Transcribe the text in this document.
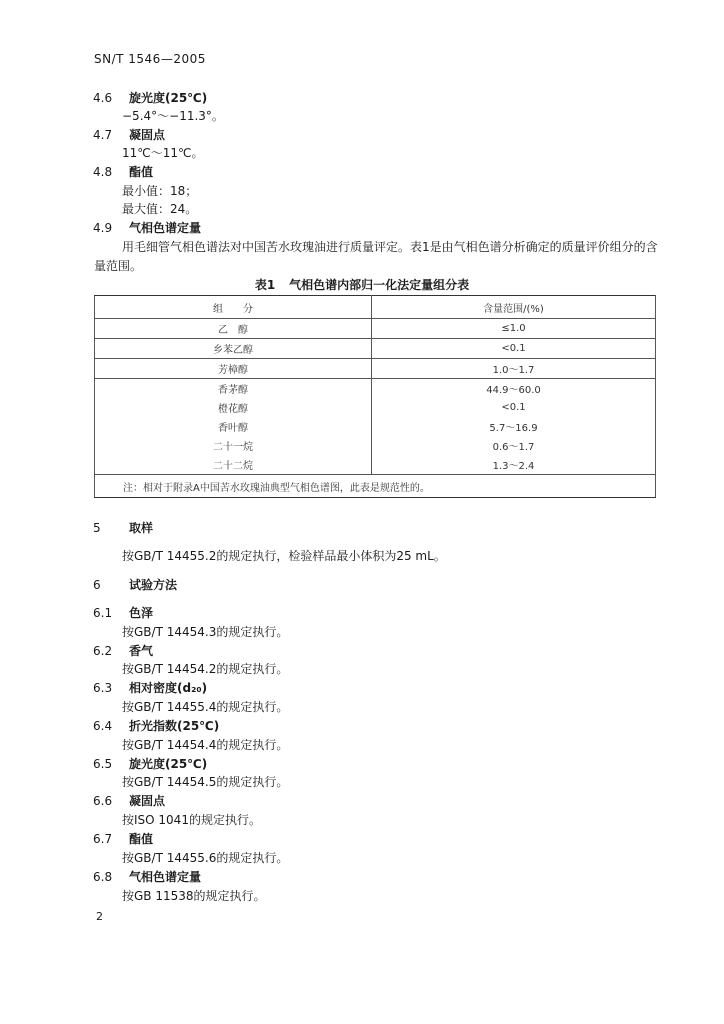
SN/T 1546—2005
4.6 旋光度(25℃)
−5.4°～−11.3°。
4.7 凝固点
11℃～11℃。
4.8 酯值
最小值：18；
最大值：24。
4.9 气相色谱定量
用毛细管气相色谱法对中国苦水玫瑰油进行质量评定。表1是由气相色谱分析确定的质量评价组分的含量范围。
表1 气相色谱内部归一化法定量组分表
组　　分	含量范围/(%)
乙　醇	≤1.0
乡苯乙醇	<0.1
芳樟醇	1.0～1.7
香茅醇	44.9～60.0
橙花醇	<0.1
香叶醇	5.7～16.9
二十一烷	0.6～1.7
二十二烷	1.3～2.4
注：相对于附录A中国苦水玫瑰油典型气相色谱图，此表是规范性的。	
5 取样
按GB/T 14455.2的规定执行，检验样品最小体积为25 mL。
6 试验方法
6.1 色泽
按GB/T 14454.3的规定执行。
6.2 香气
按GB/T 14454.2的规定执行。
6.3 相对密度(d₂₀)
按GB/T 14455.4的规定执行。
6.4 折光指数(25℃)
按GB/T 14454.4的规定执行。
6.5 旋光度(25℃)
按GB/T 14454.5的规定执行。
6.6 凝固点
按ISO 1041的规定执行。
6.7 酯值
按GB/T 14455.6的规定执行。
6.8 气相色谱定量
按GB 11538的规定执行。
2
